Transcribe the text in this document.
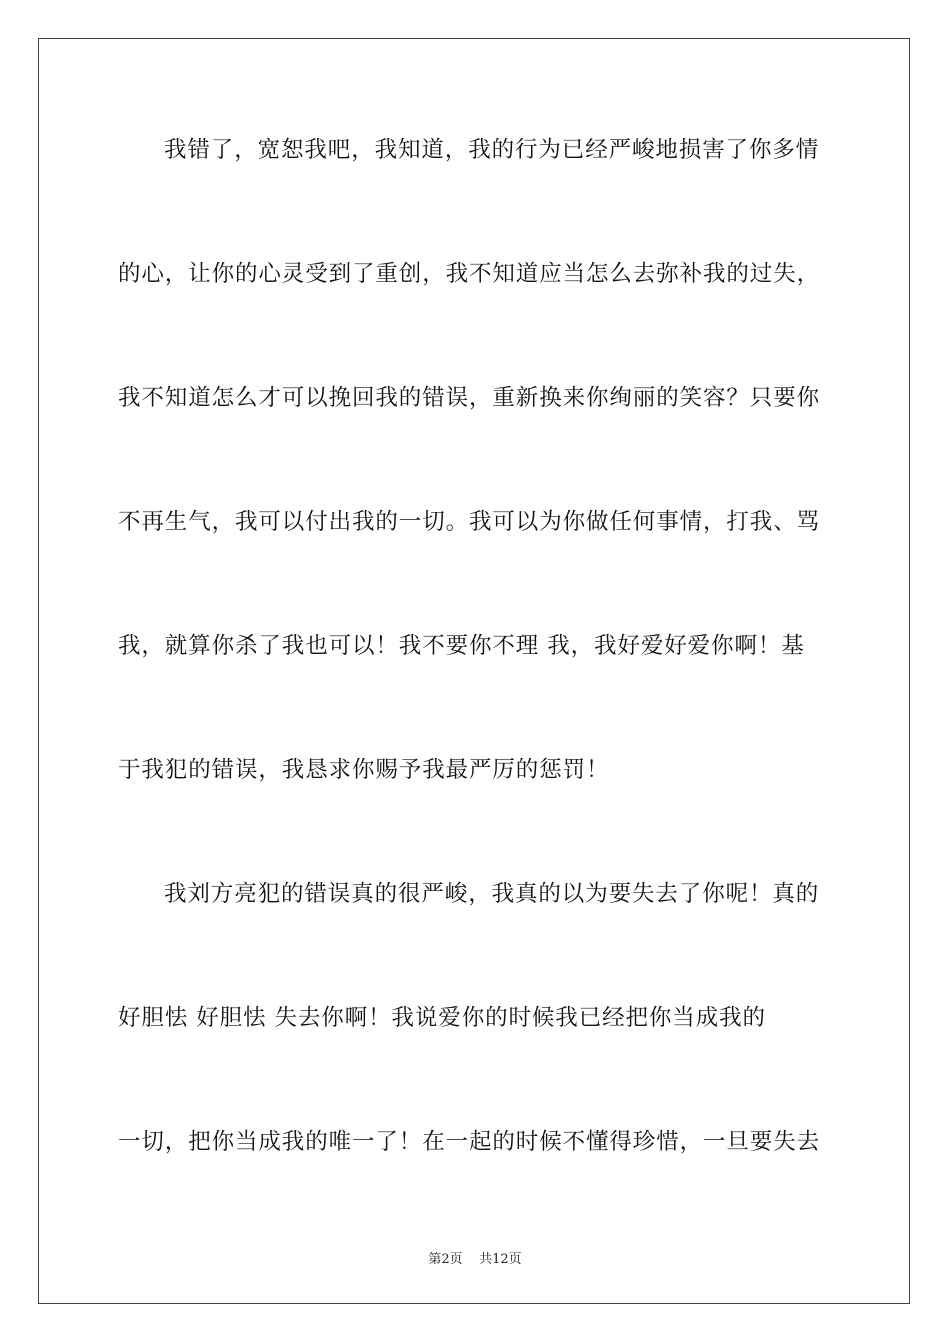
我错了，宽恕我吧，我知道，我的行为已经严峻地损害了你多情
的心，让你的心灵受到了重创，我不知道应当怎么去弥补我的过失，
我不知道怎么才可以挽回我的错误，重新换来你绚丽的笑容？只要你
不再生气，我可以付出我的一切。我可以为你做任何事情，打我、骂
我，就算你杀了我也可以！我不要你不理 我，我好爱好爱你啊！基
于我犯的错误，我恳求你赐予我最严厉的惩罚！
我刘方亮犯的错误真的很严峻，我真的以为要失去了你呢！真的
好胆怯 好胆怯 失去你啊！我说爱你的时候我已经把你当成我的
一切，把你当成我的唯一了！在一起的时候不懂得珍惜，一旦要失去
第2页    共12页
